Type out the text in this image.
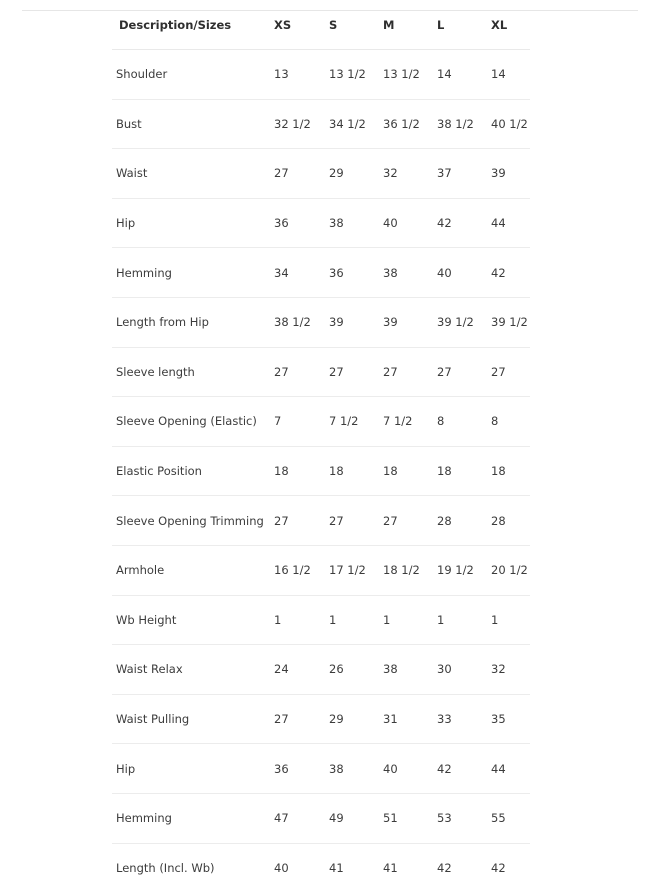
Description/Sizes	XS	S	M	L	XL
Shoulder	13	13 1/2	13 1/2	14	14
Bust	32 1/2	34 1/2	36 1/2	38 1/2	40 1/2
Waist	27	29	32	37	39
Hip	36	38	40	42	44
Hemming	34	36	38	40	42
Length from Hip	38 1/2	39	39	39 1/2	39 1/2
Sleeve length	27	27	27	27	27
Sleeve Opening (Elastic)	7	7 1/2	7 1/2	8	8
Elastic Position	18	18	18	18	18
Sleeve Opening Trimming	27	27	27	28	28
Armhole	16 1/2	17 1/2	18 1/2	19 1/2	20 1/2
Wb Height	1	1	1	1	1
Waist Relax	24	26	38	30	32
Waist Pulling	27	29	31	33	35
Hip	36	38	40	42	44
Hemming	47	49	51	53	55
Length (Incl. Wb)	40	41	41	42	42
